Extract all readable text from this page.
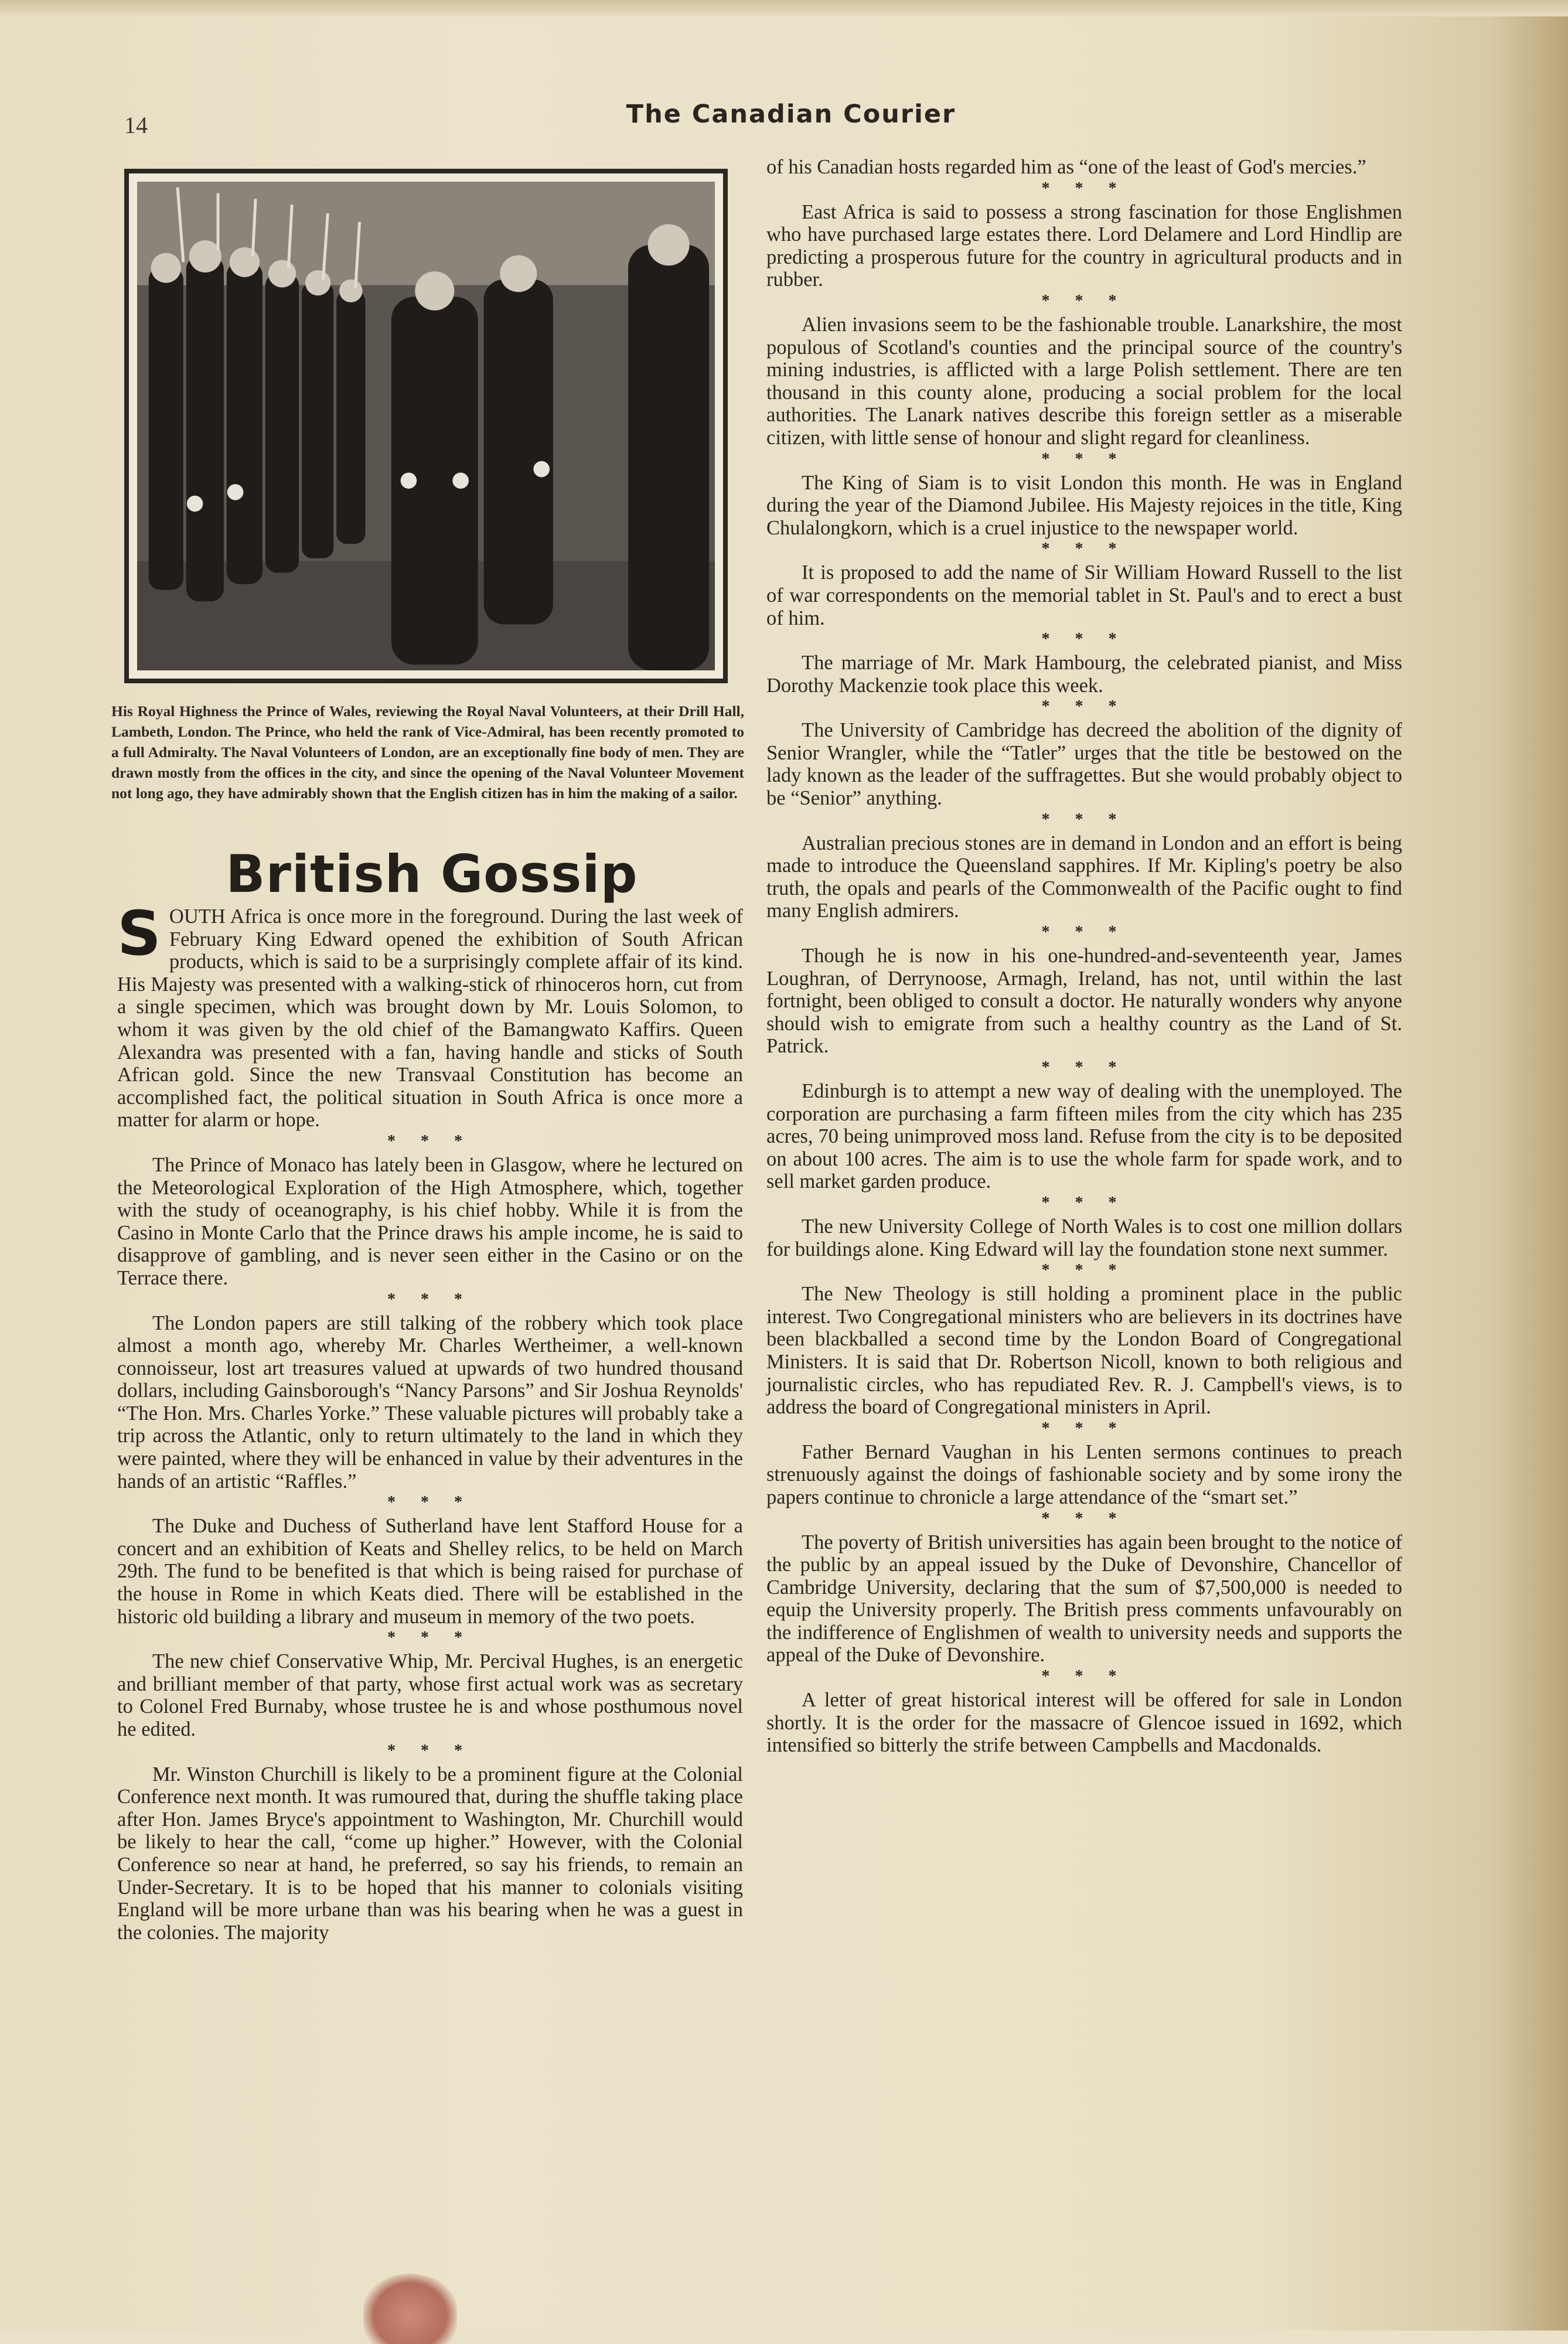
14	The Canadian Courier

His Royal Highness the Prince of Wales, reviewing the Royal Naval Volunteers, at their Drill Hall, Lambeth, London. The Prince, who held the rank of Vice-Admiral, has been recently promoted to a full Admiralty. The Naval Volunteers of London, are an exceptionally fine body of men. They are drawn mostly from the offices in the city, and since the opening of the Naval Volunteer Movement not long ago, they have admirably shown that the English citizen has in him the making of a sailor.

British Gossip

SOUTH Africa is once more in the foreground. During the last week of February King Edward opened the exhibition of South African products, which is said to be a surprisingly complete affair of its kind. His Majesty was presented with a walking-stick of rhinoceros horn, cut from a single specimen, which was brought down by Mr. Louis Solomon, to whom it was given by the old chief of the Bamangwato Kaffirs. Queen Alexandra was presented with a fan, having handle and sticks of South African gold. Since the new Transvaal Constitution has become an accomplished fact, the political situation in South Africa is once more a matter for alarm or hope.

* * *

The Prince of Monaco has lately been in Glasgow, where he lectured on the Meteorological Exploration of the High Atmosphere, which, together with the study of oceanography, is his chief hobby. While it is from the Casino in Monte Carlo that the Prince draws his ample income, he is said to disapprove of gambling, and is never seen either in the Casino or on the Terrace there.

* * *

The London papers are still talking of the robbery which took place almost a month ago, whereby Mr. Charles Wertheimer, a well-known connoisseur, lost art treasures valued at upwards of two hundred thousand dollars, including Gainsborough's “Nancy Parsons” and Sir Joshua Reynolds' “The Hon. Mrs. Charles Yorke.” These valuable pictures will probably take a trip across the Atlantic, only to return ultimately to the land in which they were painted, where they will be enhanced in value by their adventures in the hands of an artistic “Raffles.”

* * *

The Duke and Duchess of Sutherland have lent Stafford House for a concert and an exhibition of Keats and Shelley relics, to be held on March 29th. The fund to be benefited is that which is being raised for purchase of the house in Rome in which Keats died. There will be established in the historic old building a library and museum in memory of the two poets.

* * *

The new chief Conservative Whip, Mr. Percival Hughes, is an energetic and brilliant member of that party, whose first actual work was as secretary to Colonel Fred Burnaby, whose trustee he is and whose posthumous novel he edited.

* * *

Mr. Winston Churchill is likely to be a prominent figure at the Colonial Conference next month. It was rumoured that, during the shuffle taking place after Hon. James Bryce's appointment to Washington, Mr. Churchill would be likely to hear the call, “come up higher.” However, with the Colonial Conference so near at hand, he preferred, so say his friends, to remain an Under-Secretary. It is to be hoped that his manner to colonials visiting England will be more urbane than was his bearing when he was a guest in the colonies. The majority

of his Canadian hosts regarded him as “one of the least of God's mercies.”

* * *

East Africa is said to possess a strong fascination for those Englishmen who have purchased large estates there. Lord Delamere and Lord Hindlip are predicting a prosperous future for the country in agricultural products and in rubber.

* * *

Alien invasions seem to be the fashionable trouble. Lanarkshire, the most populous of Scotland's counties and the principal source of the country's mining industries, is afflicted with a large Polish settlement. There are ten thousand in this county alone, producing a social problem for the local authorities. The Lanark natives describe this foreign settler as a miserable citizen, with little sense of honour and slight regard for cleanliness.

* * *

The King of Siam is to visit London this month. He was in England during the year of the Diamond Jubilee. His Majesty rejoices in the title, King Chulalongkorn, which is a cruel injustice to the newspaper world.

* * *

It is proposed to add the name of Sir William Howard Russell to the list of war correspondents on the memorial tablet in St. Paul's and to erect a bust of him.

* * *

The marriage of Mr. Mark Hambourg, the celebrated pianist, and Miss Dorothy Mackenzie took place this week.

* * *

The University of Cambridge has decreed the abolition of the dignity of Senior Wrangler, while the “Tatler” urges that the title be bestowed on the lady known as the leader of the suffragettes. But she would probably object to be “Senior” anything.

* * *

Australian precious stones are in demand in London and an effort is being made to introduce the Queensland sapphires. If Mr. Kipling's poetry be also truth, the opals and pearls of the Commonwealth of the Pacific ought to find many English admirers.

* * *

Though he is now in his one-hundred-and-seventeenth year, James Loughran, of Derrynoose, Armagh, Ireland, has not, until within the last fortnight, been obliged to consult a doctor. He naturally wonders why anyone should wish to emigrate from such a healthy country as the Land of St. Patrick.

* * *

Edinburgh is to attempt a new way of dealing with the unemployed. The corporation are purchasing a farm fifteen miles from the city which has 235 acres, 70 being unimproved moss land. Refuse from the city is to be deposited on about 100 acres. The aim is to use the whole farm for spade work, and to sell market garden produce.

* * *

The new University College of North Wales is to cost one million dollars for buildings alone. King Edward will lay the foundation stone next summer.

* * *

The New Theology is still holding a prominent place in the public interest. Two Congregational ministers who are believers in its doctrines have been blackballed a second time by the London Board of Congregational Ministers. It is said that Dr. Robertson Nicoll, known to both religious and journalistic circles, who has repudiated Rev. R. J. Campbell's views, is to address the board of Congregational ministers in April.

* * *

Father Bernard Vaughan in his Lenten sermons continues to preach strenuously against the doings of fashionable society and by some irony the papers continue to chronicle a large attendance of the “smart set.”

* * *

The poverty of British universities has again been brought to the notice of the public by an appeal issued by the Duke of Devonshire, Chancellor of Cambridge University, declaring that the sum of $7,500,000 is needed to equip the University properly. The British press comments unfavourably on the indifference of Englishmen of wealth to university needs and supports the appeal of the Duke of Devonshire.

* * *

A letter of great historical interest will be offered for sale in London shortly. It is the order for the massacre of Glencoe issued in 1692, which intensified so bitterly the strife between Campbells and Macdonalds.
